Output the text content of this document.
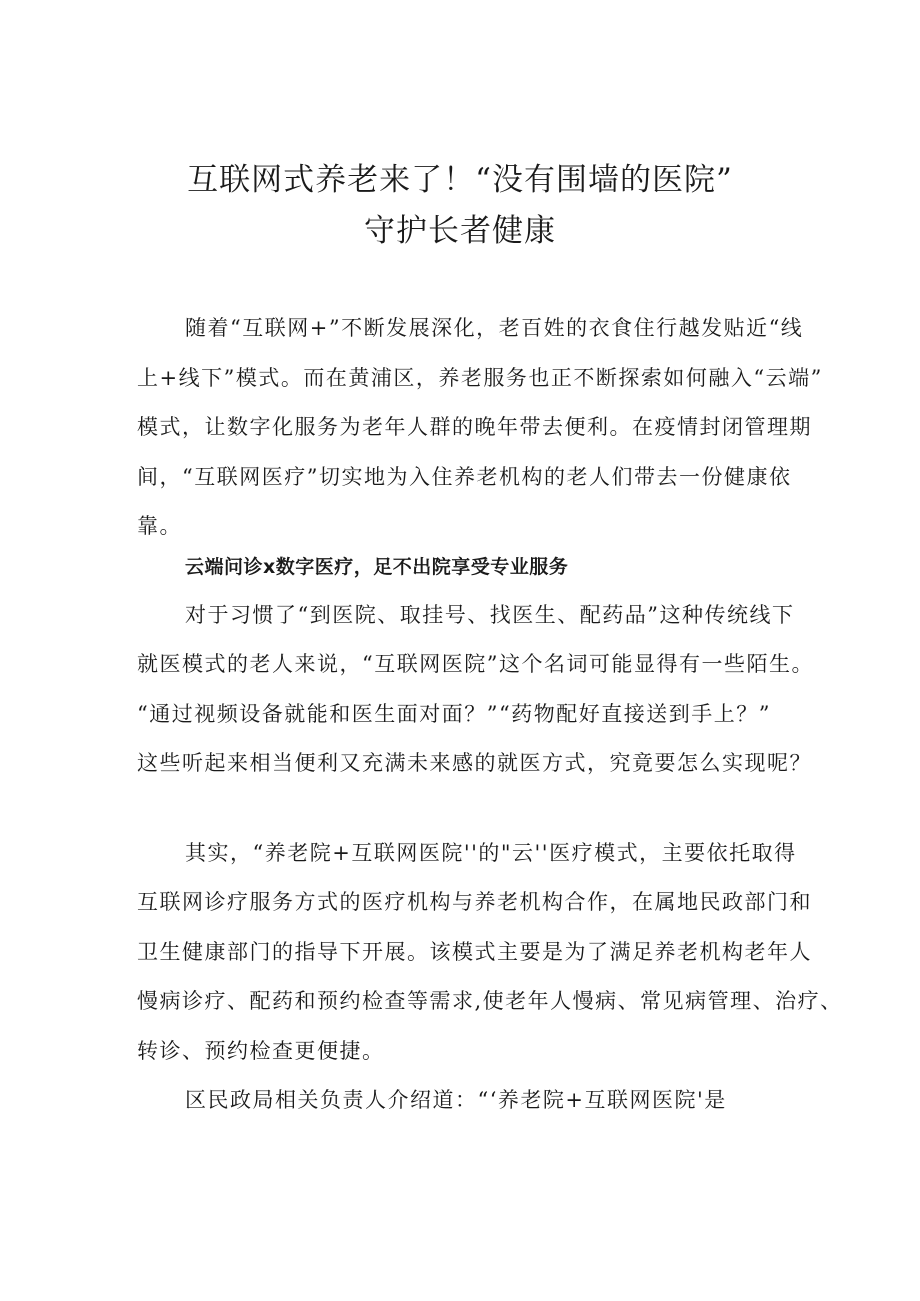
互联网式养老来了！“没有围墙的医院”
守护长者健康

随着“互联网+”不断发展深化，老百姓的衣食住行越发贴近“线

上+线下”模式。而在黄浦区，养老服务也正不断探索如何融入“云端”

模式，让数字化服务为老年人群的晚年带去便利。在疫情封闭管理期

间，“互联网医疗”切实地为入住养老机构的老人们带去一份健康依

靠。

云端问诊x数字医疗，足不出院享受专业服务

对于习惯了“到医院、取挂号、找医生、配药品”这种传统线下

就医模式的老人来说，“互联网医院”这个名词可能显得有一些陌生。

“通过视频设备就能和医生面对面？”“药物配好直接送到手上？”

这些听起来相当便利又充满未来感的就医方式，究竟要怎么实现呢？

其实，“养老院+互联网医院''的"云''医疗模式，主要依托取得

互联网诊疗服务方式的医疗机构与养老机构合作，在属地民政部门和

卫生健康部门的指导下开展。该模式主要是为了满足养老机构老年人

慢病诊疗、配药和预约检查等需求,使老年人慢病、常见病管理、治疗、

转诊、预约检查更便捷。

区民政局相关负责人介绍道：“‘养老院+互联网医院'是
